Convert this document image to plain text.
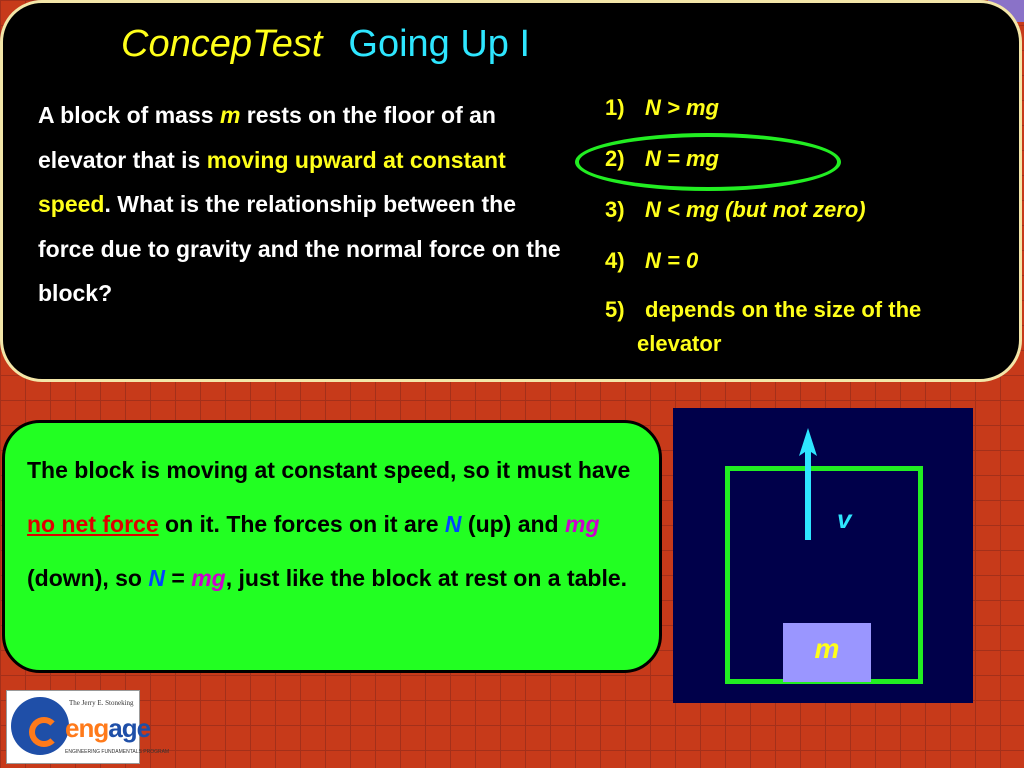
ConcepTest Going Up I
A block of mass m rests on the floor of an elevator that is moving upward at constant speed. What is the relationship between the force due to gravity and the normal force on the block?
1) N > mg
2) N = mg
3) N < mg (but not zero)
4) N = 0
5) depends on the size of the
elevator
The block is moving at constant speed, so it must have no net force on it. The forces on it are N (up) and mg (down), so N = mg, just like the block at rest on a table.
v
m
The Jerry E. Stoneking
engage
ENGINEERING FUNDAMENTALS PROGRAM
